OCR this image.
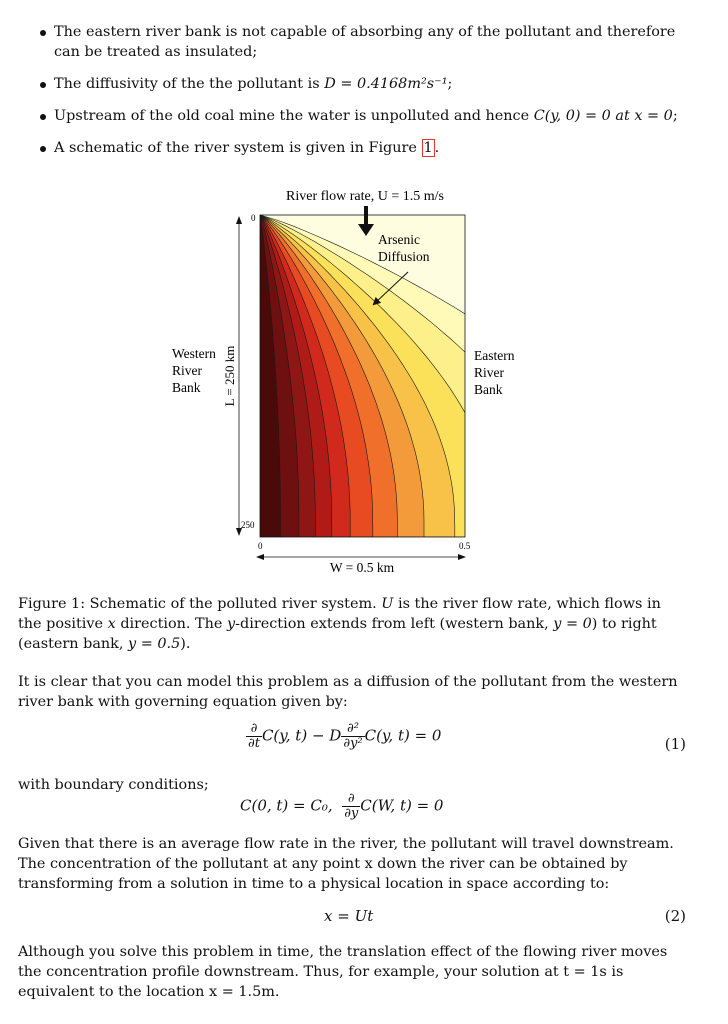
The eastern river bank is not capable of absorbing any of the pollutant and therefore can be treated as insulated;
The diffusivity of the the pollutant is D = 0.4168m²s⁻¹;
Upstream of the old coal mine the water is unpolluted and hence C(y, 0) = 0 at x = 0;
A schematic of the river system is given in Figure 1 .
River flow rate, U = 1.5 m/s
Arsenic
Diffusion
Western
River
Bank
Eastern
River
Bank
L = 250 km
0
250
0	0.5
W = 0.5 km
Figure 1: Schematic of the polluted river system. U is the river flow rate, which flows in the positive x direction. The y-direction extends from left (western bank, y = 0) to right (eastern bank, y = 0.5).
It is clear that you can model this problem as a diffusion of the pollutant from the western river bank with governing equation given by:
$\frac{\partial}{\partial t} C(y$, t) − D $\frac{\text{∂²}}{\text{∂y²}} C(y$, t) = 0	(1)
with boundary conditions;
C(0, t) = C₀, $\frac{\partial}{\partial y} C(W$, t) = 0
Given that there is an average flow rate in the river, the pollutant will travel downstream. The concentration of the pollutant at any point x down the river can be obtained by transforming from a solution in time to a physical location in space according to:
x = Ut	(2)
Although you solve this problem in time, the translation effect of the flowing river moves the concentration profile downstream. Thus, for example, your solution at t = 1s is equivalent to the location x = 1.5m.
